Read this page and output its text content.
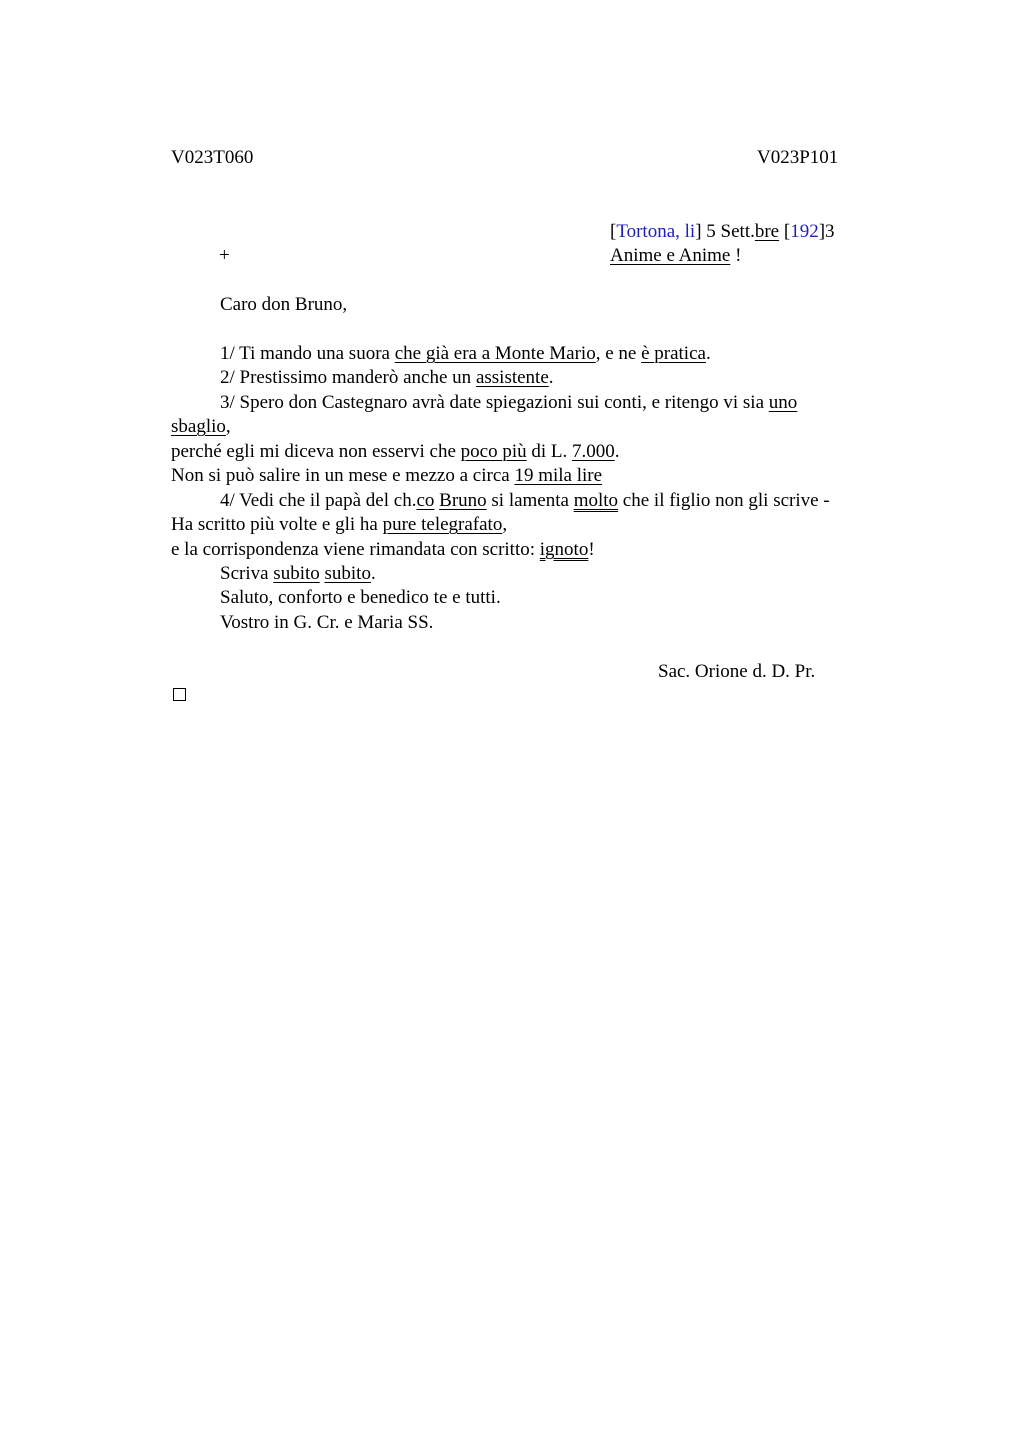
V023T060	V023P101
[Tortona, li] 5 Sett.bre [192]3
+	Anime e Anime !
Caro don Bruno,
1/ Ti mando una suora che già era a Monte Mario, e ne è pratica.
2/ Prestissimo manderò anche un assistente.
3/ Spero don Castegnaro avrà date spiegazioni sui conti, e ritengo vi sia uno
sbaglio,
perché egli mi diceva non esservi che poco più di L. 7.000.
Non si può salire in un mese e mezzo a circa 19 mila lire
4/ Vedi che il papà del ch.co Bruno si lamenta molto che il figlio non gli scrive -
Ha scritto più volte e gli ha pure telegrafato,
e la corrispondenza viene rimandata con scritto: ignoto!
Scriva subito subito.
Saluto, conforto e benedico te e tutti.
Vostro in G. Cr. e Maria SS.
Sac. Orione d. D. Pr.
